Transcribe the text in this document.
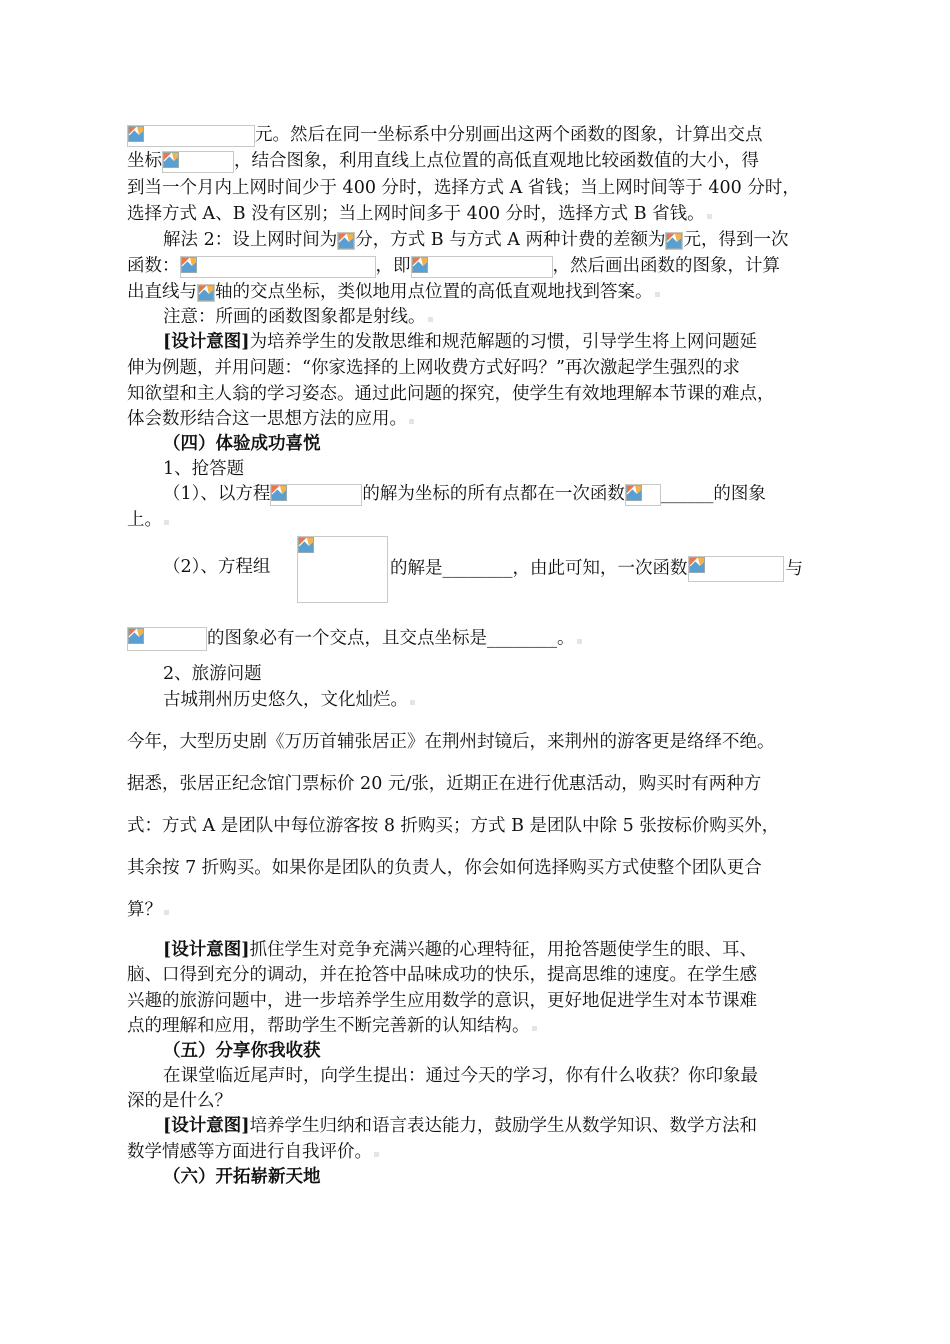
元。然后在同一坐标系中分别画出这两个函数的图象，计算出交点
坐标	，结合图象，利用直线上点位置的高低直观地比较函数值的大小，得
到当一个月内上网时间少于 400 分时，选择方式 A 省钱；当上网时间等于 400 分时，
选择方式 A、B 没有区别；当上网时间多于 400 分时，选择方式 B 省钱。
解法 2：设上网时间为 分，方式 B 与方式 A 两种计费的差额为 元，得到一次
函数：	，即	，然后画出函数的图象，计算
出直线与 轴的交点坐标，类似地用点位置的高低直观地找到答案。
注意：所画的函数图象都是射线。
[设计意图]为培养学生的发散思维和规范解题的习惯，引导学生将上网问题延
伸为例题，并用问题：“你家选择的上网收费方式好吗？”再次激起学生强烈的求
知欲望和主人翁的学习姿态。通过此问题的探究，使学生有效地理解本节课的难点，
体会数形结合这一思想方法的应用。
（四）体验成功喜悦
1、抢答题
（1）、以方程	的解为坐标的所有点都在一次函数 ______的图象
上。
（2）、方程组	的解是________，由此可知，一次函数	与
的图象必有一个交点，且交点坐标是________。
2、旅游问题
古城荆州历史悠久，文化灿烂。
今年，大型历史剧《万历首辅张居正》在荆州封镜后，来荆州的游客更是络绎不绝。
据悉，张居正纪念馆门票标价 20 元/张，近期正在进行优惠活动，购买时有两种方
式：方式 A 是团队中每位游客按 8 折购买；方式 B 是团队中除 5 张按标价购买外，
其余按 7 折购买。如果你是团队的负责人，你会如何选择购买方式使整个团队更合
算？
[设计意图]抓住学生对竞争充满兴趣的心理特征，用抢答题使学生的眼、耳、
脑、口得到充分的调动，并在抢答中品味成功的快乐，提高思维的速度。在学生感
兴趣的旅游问题中，进一步培养学生应用数学的意识，更好地促进学生对本节课难
点的理解和应用，帮助学生不断完善新的认知结构。
（五）分享你我收获
在课堂临近尾声时，向学生提出：通过今天的学习，你有什么收获？你印象最
深的是什么？
[设计意图]培养学生归纳和语言表达能力，鼓励学生从数学知识、数学方法和
数学情感等方面进行自我评价。
（六）开拓崭新天地
